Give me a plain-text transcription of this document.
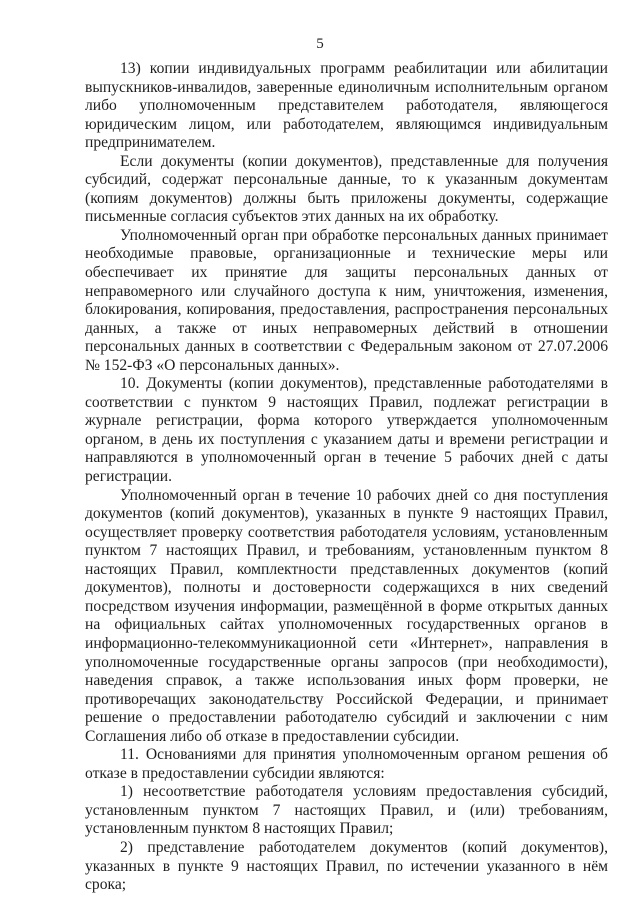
5

13) копии индивидуальных программ реабилитации или абилитации выпускников-инвалидов, заверенные единоличным исполнительным органом либо уполномоченным представителем работодателя, являющегося юридическим лицом, или работодателем, являющимся индивидуальным предпринимателем.

Если документы (копии документов), представленные для получения субсидий, содержат персональные данные, то к указанным документам (копиям документов) должны быть приложены документы, содержащие письменные согласия субъектов этих данных на их обработку.

Уполномоченный орган при обработке персональных данных принимает необходимые правовые, организационные и технические меры или обеспечивает их принятие для защиты персональных данных от неправомерного или случайного доступа к ним, уничтожения, изменения, блокирования, копирования, предоставления, распространения персональных данных, а также от иных неправомерных действий в отношении персональных данных в соответствии с Федеральным законом от 27.07.2006 № 152-ФЗ «О персональных данных».

10. Документы (копии документов), представленные работодателями в соответствии с пунктом 9 настоящих Правил, подлежат регистрации в журнале регистрации, форма которого утверждается уполномоченным органом, в день их поступления с указанием даты и времени регистрации и направляются в уполномоченный орган в течение 5 рабочих дней с даты регистрации.

Уполномоченный орган в течение 10 рабочих дней со дня поступления документов (копий документов), указанных в пункте 9 настоящих Правил, осуществляет проверку соответствия работодателя условиям, установленным пунктом 7 настоящих Правил, и требованиям, установленным пунктом 8 настоящих Правил, комплектности представленных документов (копий документов), полноты и достоверности содержащихся в них сведений посредством изучения информации, размещённой в форме открытых данных на официальных сайтах уполномоченных государственных органов в информационно-телекоммуникационной сети «Интернет», направления в уполномоченные государственные органы запросов (при необходимости), наведения справок, а также использования иных форм проверки, не противоречащих законодательству Российской Федерации, и принимает решение о предоставлении работодателю субсидий и заключении с ним Соглашения либо об отказе в предоставлении субсидии.

11. Основаниями для принятия уполномоченным органом решения об отказе в предоставлении субсидии являются:

1) несоответствие работодателя условиям предоставления субсидий, установленным пунктом 7 настоящих Правил, и (или) требованиям, установленным пунктом 8 настоящих Правил;

2) представление работодателем документов (копий документов), указанных в пункте 9 настоящих Правил, по истечении указанного в нём срока;
